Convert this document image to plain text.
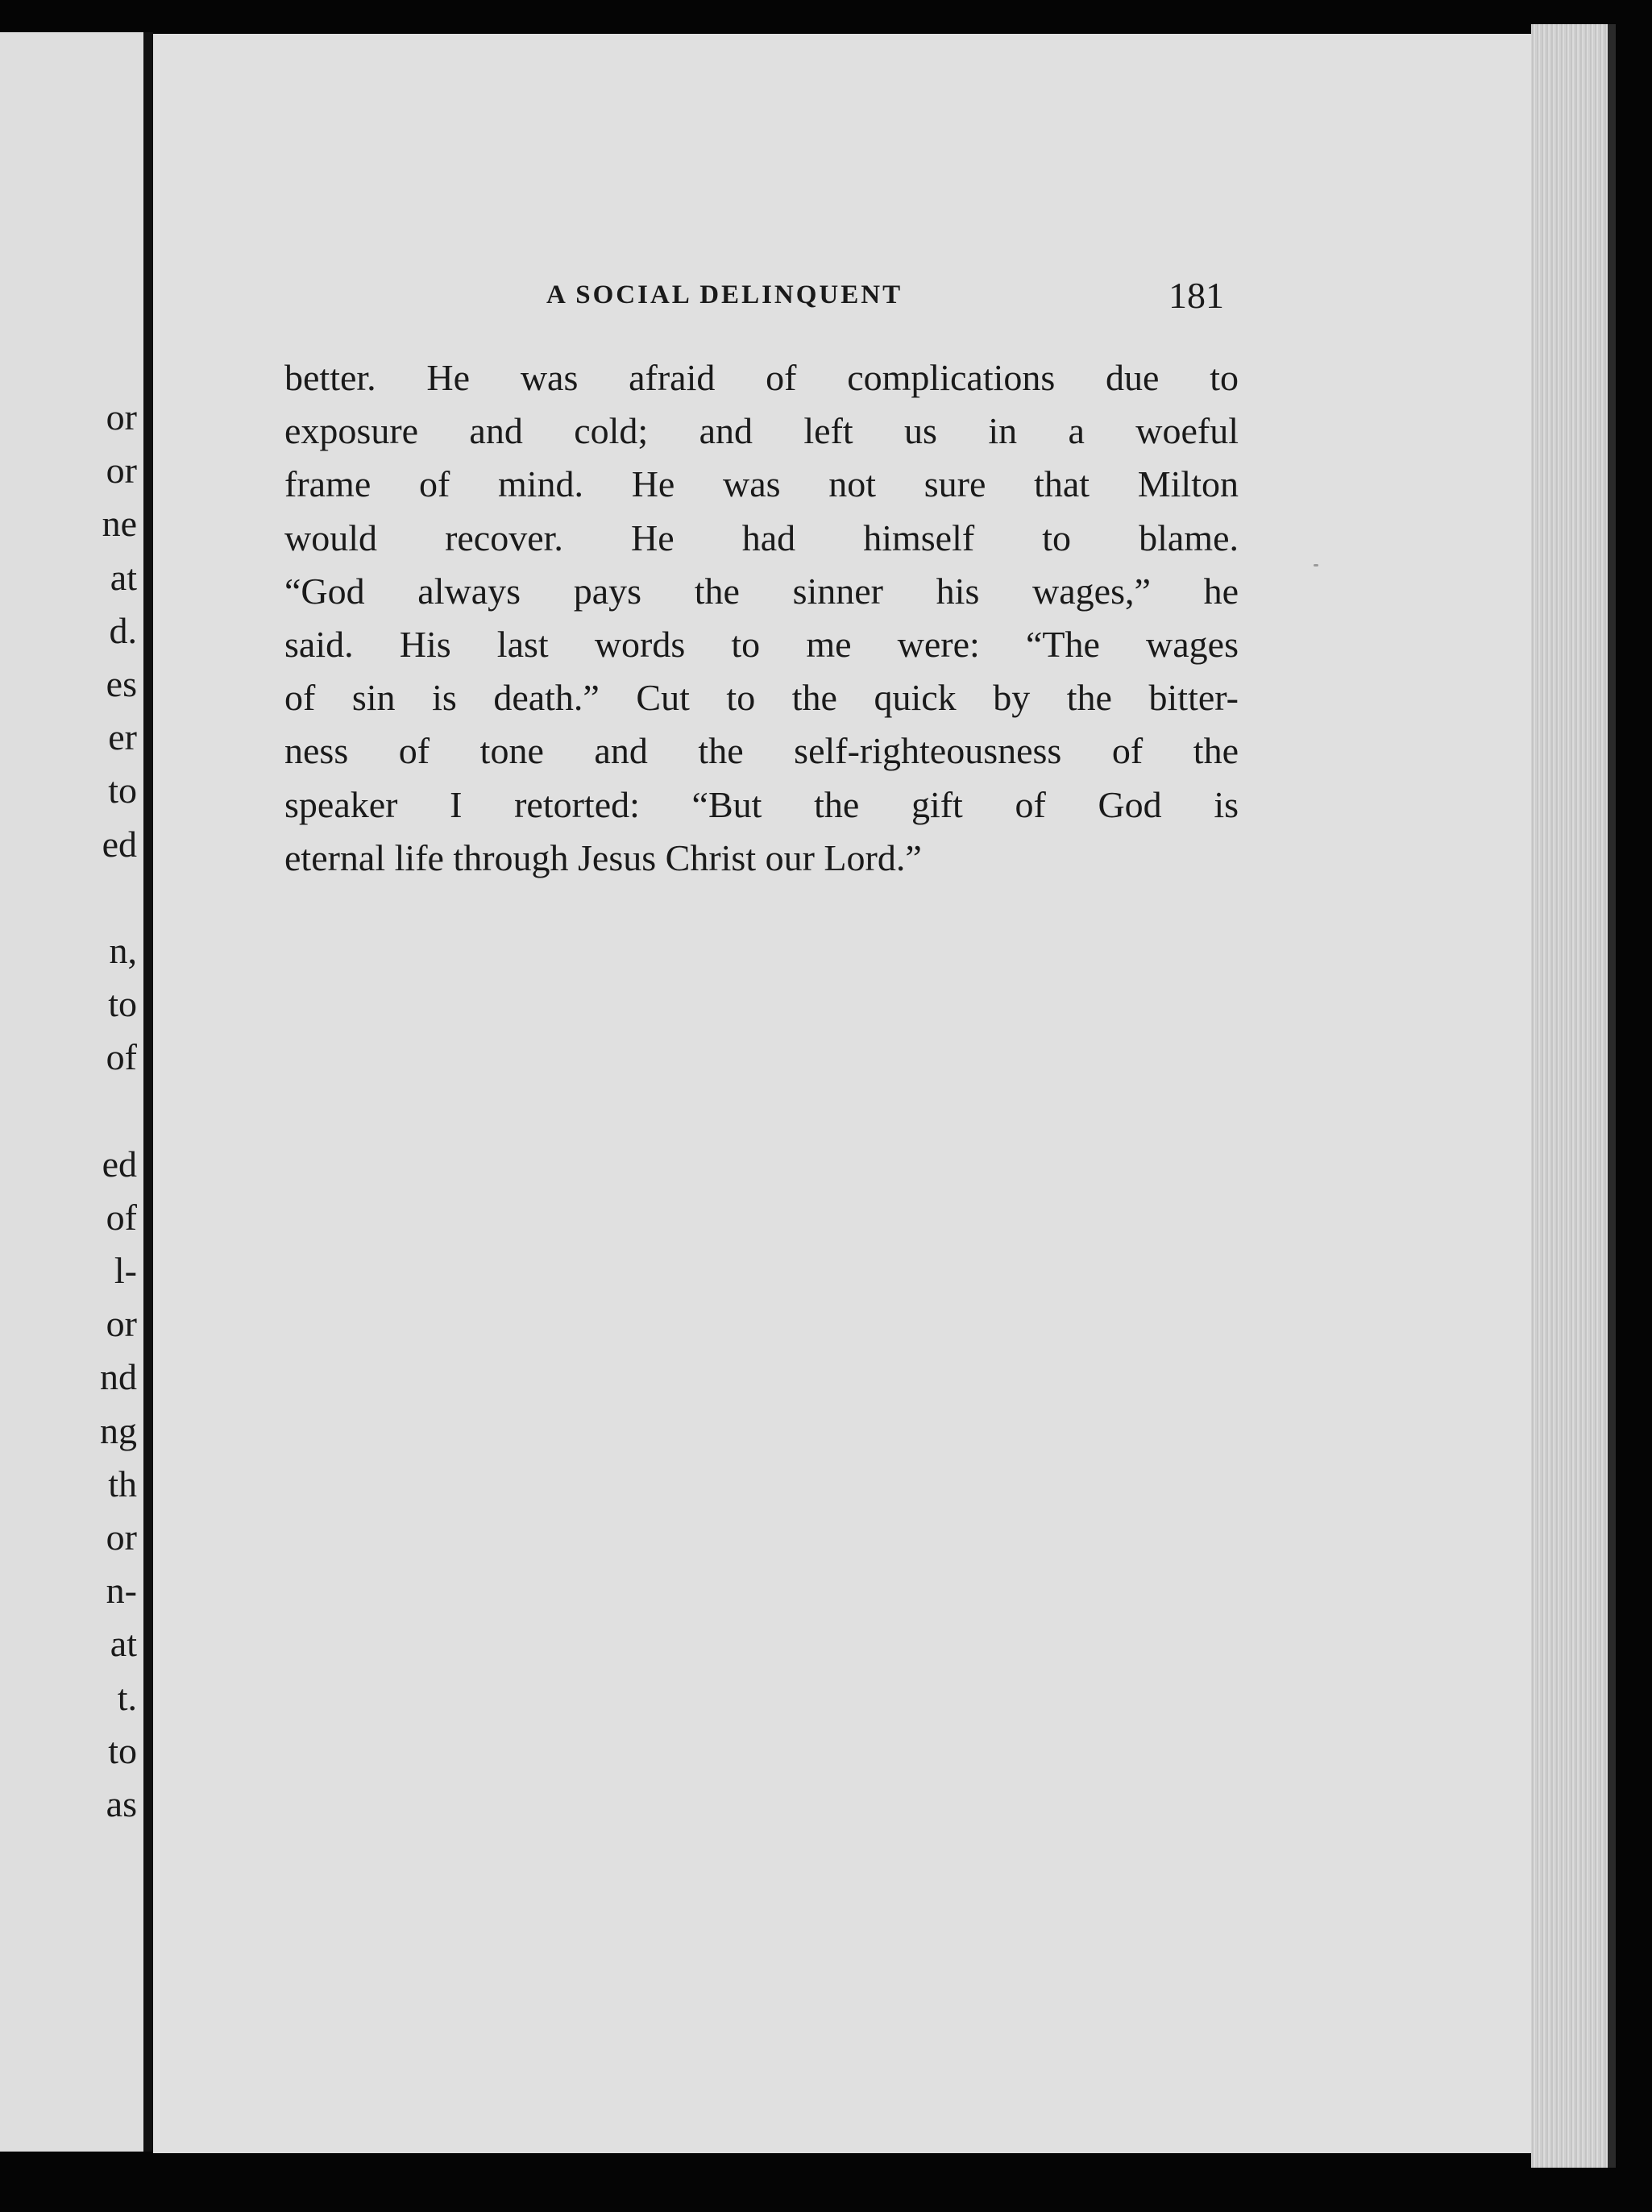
or
or
ne
at
d.
es
er
to
ed
n,
to
of
ed
of
l-
or
nd
ng
th
or
n-
at
t.
to
as
A SOCIAL DELINQUENT	181
better. He was afraid of complications due to
exposure and cold; and left us in a woeful
frame of mind. He was not sure that Milton
would recover. He had himself to blame.
“God always pays the sinner his wages,” he
said. His last words to me were: “The wages
of sin is death.” Cut to the quick by the bitter-
ness of tone and the self-righteousness of the
speaker I retorted: “But the gift of God is
eternal life through Jesus Christ our Lord.”
